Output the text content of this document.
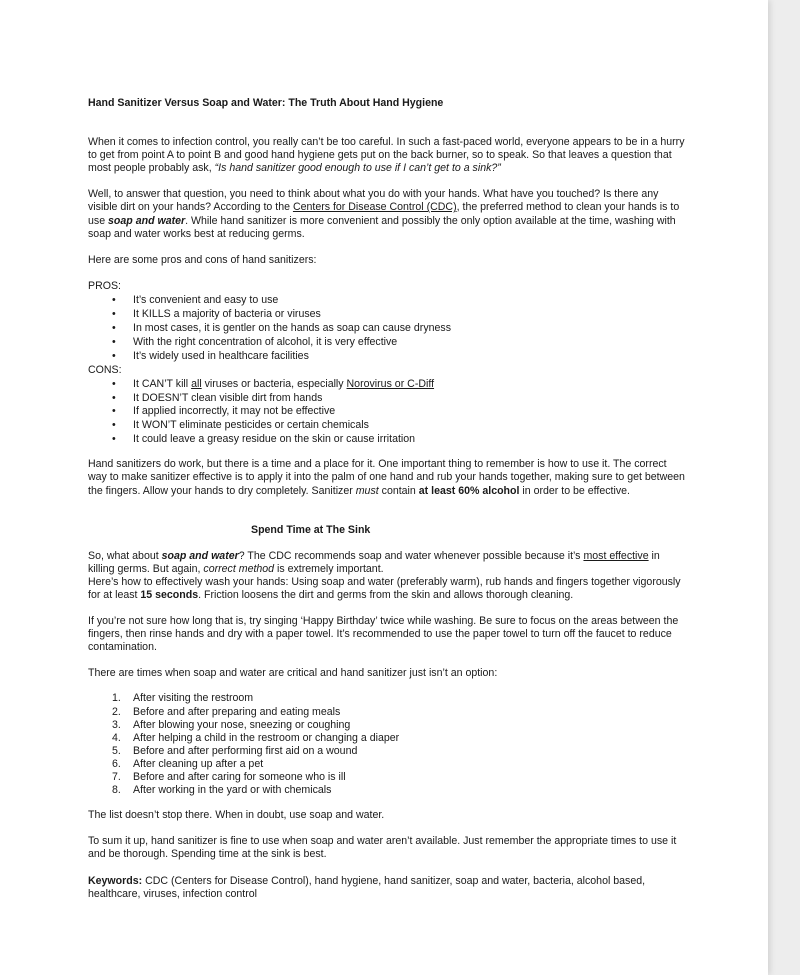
Hand Sanitizer Versus Soap and Water: The Truth About Hand Hygiene

When it comes to infection control, you really can’t be too careful. In such a fast-paced world, everyone appears to be in a hurry to get from point A to point B and good hand hygiene gets put on the back burner, so to speak. So that leaves a question that most people probably ask, “Is hand sanitizer good enough to use if I can’t get to a sink?”

Well, to answer that question, you need to think about what you do with your hands. What have you touched? Is there any visible dirt on your hands? According to the Centers for Disease Control (CDC), the preferred method to clean your hands is to use soap and water. While hand sanitizer is more convenient and possibly the only option available at the time, washing with soap and water works best at reducing germs.

Here are some pros and cons of hand sanitizers:

PROS:
• It’s convenient and easy to use
• It KILLS a majority of bacteria or viruses
• In most cases, it is gentler on the hands as soap can cause dryness
• With the right concentration of alcohol, it is very effective
• It’s widely used in healthcare facilities
CONS:
• It CAN’T kill all viruses or bacteria, especially Norovirus or C-Diff
• It DOESN’T clean visible dirt from hands
• If applied incorrectly, it may not be effective
• It WON’T eliminate pesticides or certain chemicals
• It could leave a greasy residue on the skin or cause irritation

Hand sanitizers do work, but there is a time and a place for it. One important thing to remember is how to use it. The correct way to make sanitizer effective is to apply it into the palm of one hand and rub your hands together, making sure to get between the fingers. Allow your hands to dry completely. Sanitizer must contain at least 60% alcohol in order to be effective.

Spend Time at The Sink

So, what about soap and water? The CDC recommends soap and water whenever possible because it’s most effective in killing germs. But again, correct method is extremely important.
Here’s how to effectively wash your hands: Using soap and water (preferably warm), rub hands and fingers together vigorously for at least 15 seconds. Friction loosens the dirt and germs from the skin and allows thorough cleaning.

If you’re not sure how long that is, try singing ‘Happy Birthday’ twice while washing. Be sure to focus on the areas between the fingers, then rinse hands and dry with a paper towel. It’s recommended to use the paper towel to turn off the faucet to reduce contamination.

There are times when soap and water are critical and hand sanitizer just isn’t an option:

After visiting the restroom
Before and after preparing and eating meals
After blowing your nose, sneezing or coughing
After helping a child in the restroom or changing a diaper
Before and after performing first aid on a wound
After cleaning up after a pet
Before and after caring for someone who is ill
After working in the yard or with chemicals

The list doesn’t stop there. When in doubt, use soap and water.

To sum it up, hand sanitizer is fine to use when soap and water aren’t available. Just remember the appropriate times to use it and be thorough. Spending time at the sink is best.

Keywords: CDC (Centers for Disease Control), hand hygiene, hand sanitizer, soap and water, bacteria, alcohol based, healthcare, viruses, infection control
